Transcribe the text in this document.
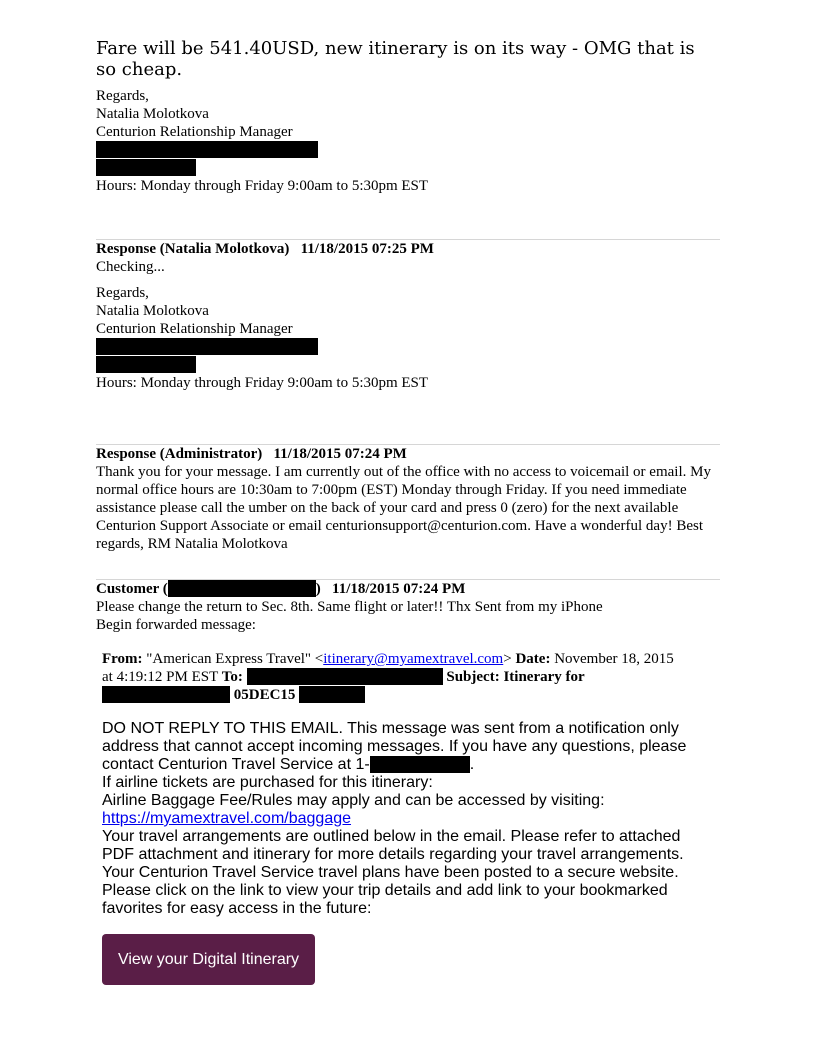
Fare will be 541.40USD, new itinerary is on its way - OMG that is so cheap.
Regards,
Natalia Molotkova
Centurion Relationship Manager
Hours: Monday through Friday 9:00am to 5:30pm EST
Response (Natalia Molotkova) 11/18/2015 07:25 PM
Checking...
Regards,
Natalia Molotkova
Centurion Relationship Manager
Hours: Monday through Friday 9:00am to 5:30pm EST
Response (Administrator) 11/18/2015 07:24 PM
Thank you for your message. I am currently out of the office with no access to voicemail or email. My normal office hours are 10:30am to 7:00pm (EST) Monday through Friday. If you need immediate assistance please call the umber on the back of your card and press 0 (zero) for the next available Centurion Support Associate or email centurionsupport@centurion.com. Have a wonderful day! Best regards, RM Natalia Molotkova
Customer (	) 11/18/2015 07:24 PM
Please change the return to Sec. 8th. Same flight or later!! Thx Sent from my iPhone
Begin forwarded message:
From: "American Express Travel" <itinerary@myamextravel.com> Date: November 18, 2015
at 4:19:12 PM EST To:	Subject: Itinerary for
05DEC15
DO NOT REPLY TO THIS EMAIL. This message was sent from a notification only
address that cannot accept incoming messages. If you have any questions, please
contact Centurion Travel Service at 1-	.
If airline tickets are purchased for this itinerary:
Airline Baggage Fee/Rules may apply and can be accessed by visiting:
https://myamextravel.com/baggage
Your travel arrangements are outlined below in the email. Please refer to attached
PDF attachment and itinerary for more details regarding your travel arrangements.
Your Centurion Travel Service travel plans have been posted to a secure website.
Please click on the link to view your trip details and add link to your bookmarked
favorites for easy access in the future:
View your Digital Itinerary
